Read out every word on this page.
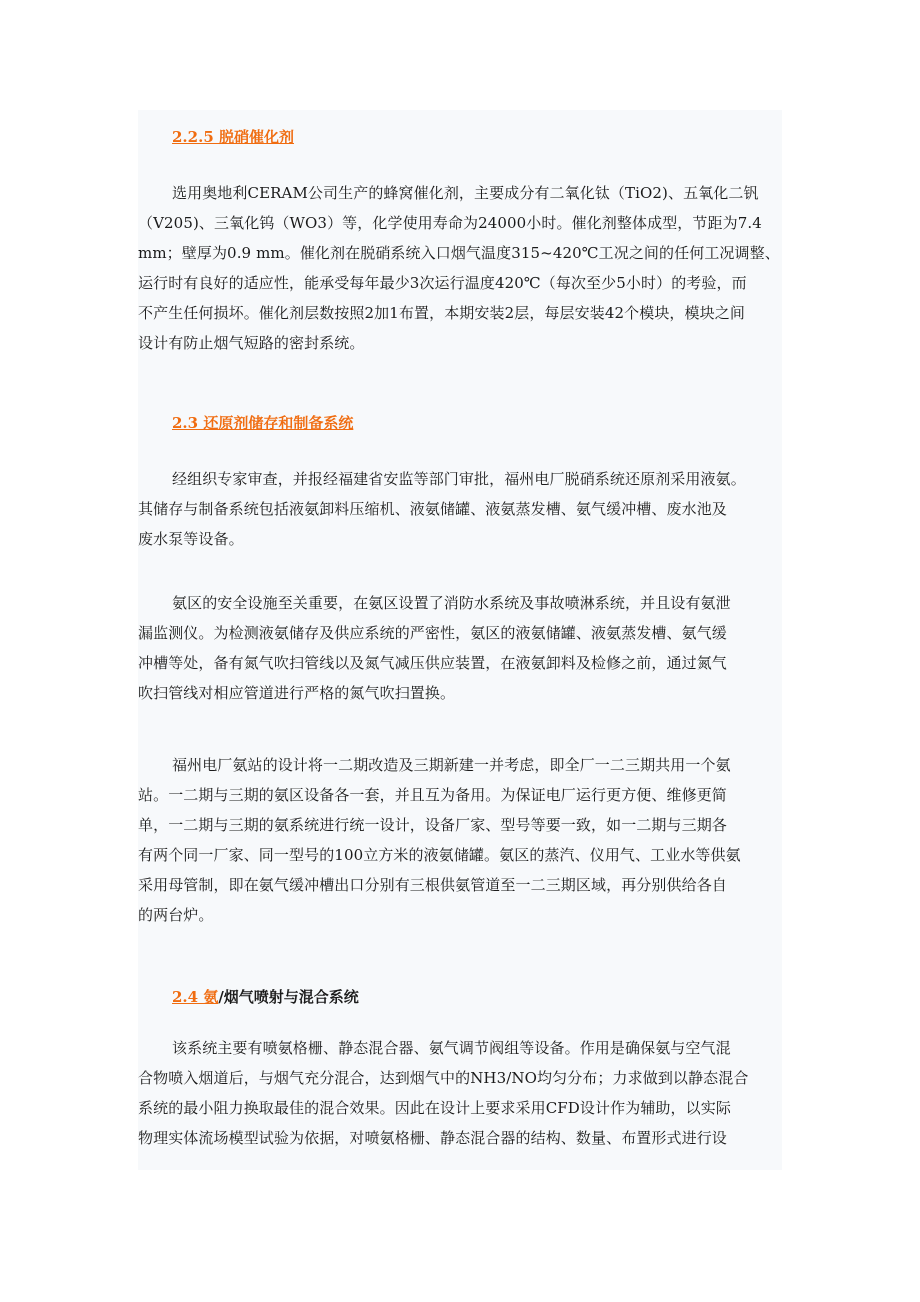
2.2.5 脱硝催化剂
选用奥地利CERAM公司生产的蜂窝催化剂，主要成分有二氧化钛（TiO2)、五氧化二钒
（V205)、三氧化钨（WO3）等，化学使用寿命为24000小时。催化剂整体成型，节距为7.4
mm；壁厚为0.9 mm。催化剂在脱硝系统入口烟气温度315~420℃工况之间的任何工况调整、
运行时有良好的适应性，能承受每年最少3次运行温度420℃（每次至少5小时）的考验，而
不产生任何损坏。催化剂层数按照2加1布置，本期安装2层，每层安装42个模块，模块之间
设计有防止烟气短路的密封系统。
2.3 还原剂储存和制备系统
经组织专家审查，并报经福建省安监等部门审批，福州电厂脱硝系统还原剂采用液氨。
其储存与制备系统包括液氨卸料压缩机、液氨储罐、液氨蒸发槽、氨气缓冲槽、废水池及
废水泵等设备。
氨区的安全设施至关重要，在氨区设置了消防水系统及事故喷淋系统，并且设有氨泄
漏监测仪。为检测液氨储存及供应系统的严密性，氨区的液氨储罐、液氨蒸发槽、氨气缓
冲槽等处，备有氮气吹扫管线以及氮气减压供应装置，在液氨卸料及检修之前，通过氮气
吹扫管线对相应管道进行严格的氮气吹扫置换。
福州电厂氨站的设计将一二期改造及三期新建一并考虑，即全厂一二三期共用一个氨
站。一二期与三期的氨区设备各一套，并且互为备用。为保证电厂运行更方便、维修更简
单，一二期与三期的氨系统进行统一设计，设备厂家、型号等要一致，如一二期与三期各
有两个同一厂家、同一型号的100立方米的液氨储罐。氨区的蒸汽、仪用气、工业水等供氨
采用母管制，即在氨气缓冲槽出口分别有三根供氨管道至一二三期区域，再分别供给各自
的两台炉。
2.4 氨/烟气喷射与混合系统
该系统主要有喷氨格栅、静态混合器、氨气调节阀组等设备。作用是确保氨与空气混
合物喷入烟道后，与烟气充分混合，达到烟气中的NH3/NO均匀分布；力求做到以静态混合
系统的最小阻力换取最佳的混合效果。因此在设计上要求采用CFD设计作为辅助，以实际
物理实体流场模型试验为依据，对喷氨格栅、静态混合器的结构、数量、布置形式进行设
